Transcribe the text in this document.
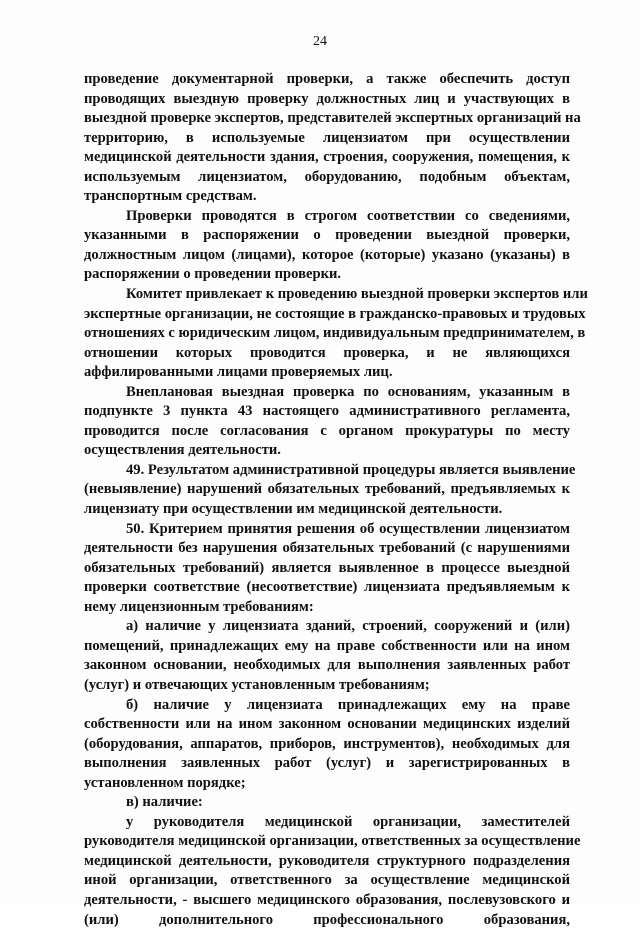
24
проведение документарной проверки, а также обеспечить доступ
проводящих выездную проверку должностных лиц и участвующих в
выездной проверке экспертов, представителей экспертных организаций на
территорию, в используемые лицензиатом при осуществлении
медицинской деятельности здания, строения, сооружения, помещения, к
используемым лицензиатом, оборудованию, подобным объектам,
транспортным средствам.
Проверки проводятся в строгом соответствии со сведениями,
указанными в распоряжении о проведении выездной проверки,
должностным лицом (лицами), которое (которые) указано (указаны) в
распоряжении о проведении проверки.
Комитет привлекает к проведению выездной проверки экспертов или
экспертные организации, не состоящие в гражданско-правовых и трудовых
отношениях с юридическим лицом, индивидуальным предпринимателем, в
отношении которых проводится проверка, и не являющихся
аффилированными лицами проверяемых лиц.
Внеплановая выездная проверка по основаниям, указанным в
подпункте 3 пункта 43 настоящего административного регламента,
проводится после согласования с органом прокуратуры по месту
осуществления деятельности.
49. Результатом административной процедуры является выявление
(невыявление) нарушений обязательных требований, предъявляемых к
лицензиату при осуществлении им медицинской деятельности.
50. Критерием принятия решения об осуществлении лицензиатом
деятельности без нарушения обязательных требований (с нарушениями
обязательных требований) является выявленное в процессе выездной
проверки соответствие (несоответствие) лицензиата предъявляемым к
нему лицензионным требованиям:
а) наличие у лицензиата зданий, строений, сооружений и (или)
помещений, принадлежащих ему на праве собственности или на ином
законном основании, необходимых для выполнения заявленных работ
(услуг) и отвечающих установленным требованиям;
б) наличие у лицензиата принадлежащих ему на праве
собственности или на ином законном основании медицинских изделий
(оборудования, аппаратов, приборов, инструментов), необходимых для
выполнения заявленных работ (услуг) и зарегистрированных в
установленном порядке;
в) наличие:
у руководителя медицинской организации, заместителей
руководителя медицинской организации, ответственных за осуществление
медицинской деятельности, руководителя структурного подразделения
иной организации, ответственного за осуществление медицинской
деятельности, - высшего медицинского образования, послевузовского и
(или) дополнительного профессионального образования,
